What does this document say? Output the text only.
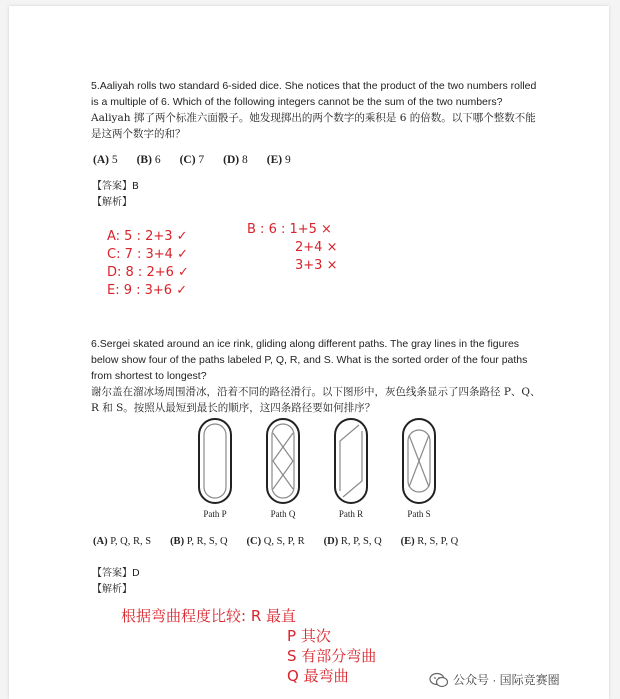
5.Aaliyah rolls two standard 6-sided dice. She notices that the product of the two numbers rolled is a multiple of 6. Which of the following integers cannot be the sum of the two numbers?
Aaliyah 掷了两个标准六面骰子。她发现掷出的两个数字的乘积是 6 的倍数。以下哪个整数不能是这两个数字的和？
(A) 5 (B) 6 (C) 7 (D) 8 (E) 9
【答案】B
【解析】
A: 5 : 2+3 ✓
C: 7 : 3+4 ✓
D: 8 : 2+6 ✓
E: 9 : 3+6 ✓
B : 6 : 1+5 ×
2+4 ×
3+3 ×
6.Sergei skated around an ice rink, gliding along different paths. The gray lines in the figures below show four of the paths labeled P, Q, R, and S. What is the sorted order of the four paths from shortest to longest?
谢尔盖在溜冰场周围滑冰，沿着不同的路径滑行。以下图形中，灰色线条显示了四条路径 P、Q、R 和 S。按照从最短到最长的顺序，这四条路径要如何排序？
Path P	Path Q	Path R	Path S
(A) P, Q, R, S (B) P, R, S, Q (C) Q, S, P, R (D) R, P, S, Q (E) R, S, P, Q
【答案】D
【解析】
根据弯曲程度比较: R 最直
P 其次
S 有部分弯曲
Q 最弯曲	公众号 · 国际竞赛圈
